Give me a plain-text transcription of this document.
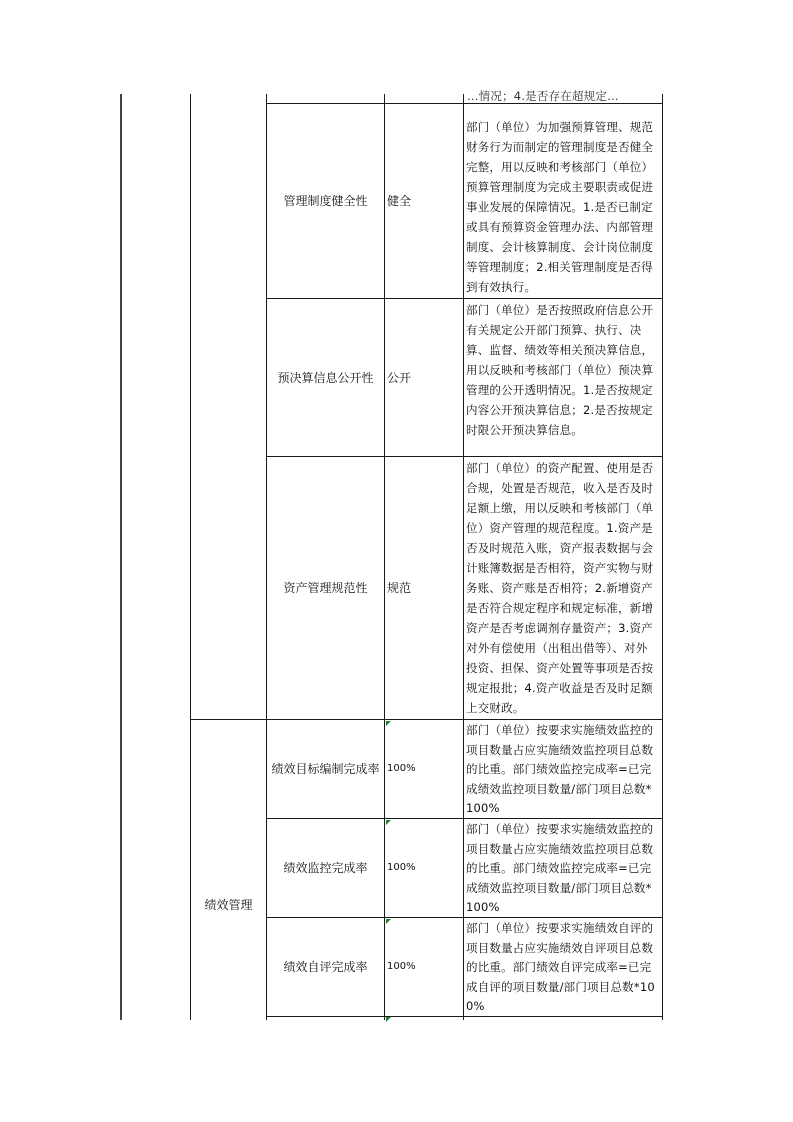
…情况；4.是否存在超规定…
管理制度健全性 健全
部门（单位）为加强预算管理、规范财务行为而制定的管理制度是否健全完整，用以反映和考核部门（单位）预算管理制度为完成主要职责或促进事业发展的保障情况。1.是否已制定或具有预算资金管理办法、内部管理制度、会计核算制度、会计岗位制度等管理制度；2.相关管理制度是否得到有效执行。
预决算信息公开性 公开
部门（单位）是否按照政府信息公开有关规定公开部门预算、执行、决算、监督、绩效等相关预决算信息，用以反映和考核部门（单位）预决算管理的公开透明情况。1.是否按规定内容公开预决算信息；2.是否按规定时限公开预决算信息。
资产管理规范性 规范
部门（单位）的资产配置、使用是否合规，处置是否规范，收入是否及时足额上缴，用以反映和考核部门（单位）资产管理的规范程度。1.资产是否及时规范入账，资产报表数据与会计账簿数据是否相符，资产实物与财务账、资产账是否相符；2.新增资产是否符合规定程序和规定标准，新增资产是否考虑调剂存量资产；3.资产对外有偿使用（出租出借等）、对外投资、担保、资产处置等事项是否按规定报批；4.资产收益是否及时足额上交财政。
绩效管理
绩效目标编制完成率 100%
部门（单位）按要求实施绩效监控的项目数量占应实施绩效监控项目总数的比重。部门绩效监控完成率=已完成绩效监控项目数量/部门项目总数*100%
绩效监控完成率 100%
部门（单位）按要求实施绩效监控的项目数量占应实施绩效监控项目总数的比重。部门绩效监控完成率=已完成绩效监控项目数量/部门项目总数*100%
绩效自评完成率 100%
部门（单位）按要求实施绩效自评的项目数量占应实施绩效自评项目总数的比重。部门绩效自评完成率=已完成自评的项目数量/部门项目总数*100%
